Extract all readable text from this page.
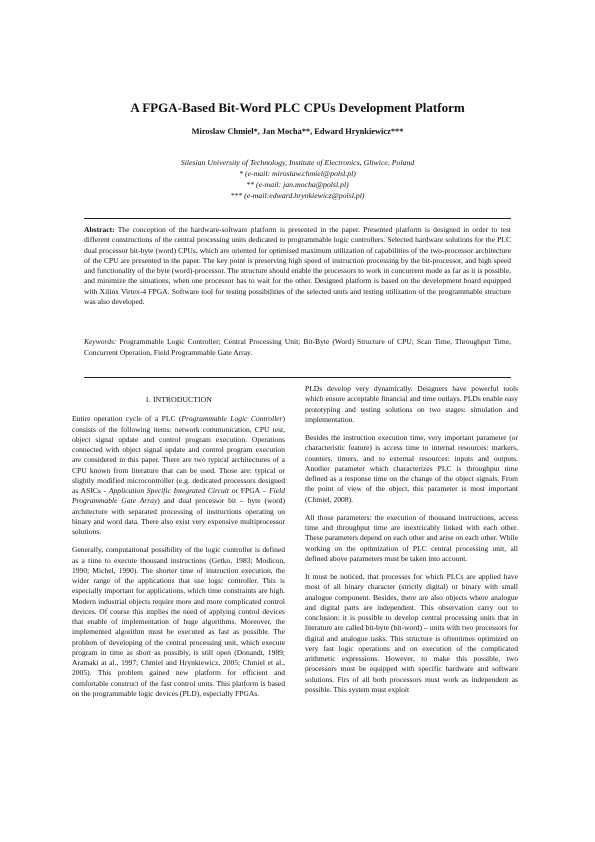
A FPGA-Based Bit-Word PLC CPUs Development Platform
Miroslaw Chmiel*, Jan Mocha**, Edward Hrynkiewicz***
Silesian University of Technology, Institute of Electronics, Gliwice, Poland
* (e-mail: miroslaw.chmiel@polsl.pl)
** (e-mail: jan.mocha@polsl.pl)
*** (e-mail:edward.hrynkiewicz@polsl.pl)
Abstract: The conception of the hardware-software platform is presented in the paper. Presented platform is designed in order to test different constructions of the central processing units dedicated to programmable logic controllers. Selected hardware solutions for the PLC dual processor bit-byte (word) CPUs, which are oriented for optimised maximum utilization of capabilities of the two-processor architecture of the CPU are presented in the paper. The key point is preserving high speed of instruction processing by the bit-processor, and high speed and functionality of the byte (word)-processor. The structure should enable the processors to work in concurrent mode as far as it is possible, and minimize the situations, when one processor has to wait for the other. Designed platform is based on the development board equipped with Xilinx Virtex-4 FPGA. Software tool for testing possibilities of the selected units and testing utilization of the programmable structure was also developed.
Keywords: Programmable Logic Controller; Central Processing Unit; Bit-Byte (Word) Structure of CPU; Scan Time, Throughput Time, Concurrent Operation, Field Programmable Gate Array.
1. INTRODUCTION

Entire operation cycle of a PLC (Programmable Logic Controller) consists of the following items: network communication, CPU test, object signal update and control program execution. Operations connected with object signal update and control program execution are considered in this paper. There are two typical architectures of a CPU known from literature that can be used. Those are: typical or slightly modified microcontroller (e.g. dedicated processors designed as ASICs - Application Specific Integrated Circuit or FPGA – Field Programmable Gate Array) and dual processor bit – byte (word) architecture with separated processing of instructions operating on binary and word data. There also exist very expensive multiprocessor solutions.

Generally, computational possibility of the logic controller is defined as a time to execute thousand instructions (Getko, 1983; Modicon, 1990; Michel, 1990). The shorter time of instruction execution, the wider range of the applications that use logic controller. This is especially important for applications, which time constraints are high. Modern industrial objects require more and more complicated control devices. Of course this implies the need of applying control devices that enable of implementation of huge algorithms. Moreover, the implemented algorithm must be executed as fast as possible. The problem of developing of the central processing unit, which execute program in time as short as possibly, is still open (Donandt, 1989; Aramaki at al., 1997; Chmiel and Hrynkiewicz, 2005; Chmiel et al., 2005). This problem gained new platform for efficient and comfortable construct of the fast control units. This platform is based on the programmable logic devices (PLD), especially FPGAs.

PLDs develop very dynamically. Designers have powerful tools which ensure acceptable financial and time outlays. PLDs enable easy prototyping and testing solutions on two stages: simulation and implementation.

Besides the instruction execution time, very important parameter (or characteristic feature) is access time to internal resources: markers, counters, timers, and to external resources: inputs and outputs. Another parameter which characterizes PLC is throughput time defined as a response time on the change of the object signals. From the point of view of the object, this parameter is most important (Chmiel, 2008).

All those parameters: the execution of thousand instructions, access time and throughput time are inextricably linked with each other. These parameters depend on each other and arise on each other. While working on the optimization of PLC central processing unit, all defined above parameters must be taken into account.

It must be noticed, that processes for which PLCs are applied have most of all binary character (strictly digital) or binary with small analogue component. Besides, there are also objects where analogue and digital parts are independent. This observation carry out to conclusion: it is possible to develop central processing units that in literature are called bit-byte (bit-word) – units with two processors for digital and analogue tasks. This structure is oftentimes optimized on very fast logic operations and on execution of the complicated arithmetic expressions. However, to make this possible, two processors must be equipped with specific hardware and software solutions. Firs of all both processors must work as independent as possible. This system must exploit
